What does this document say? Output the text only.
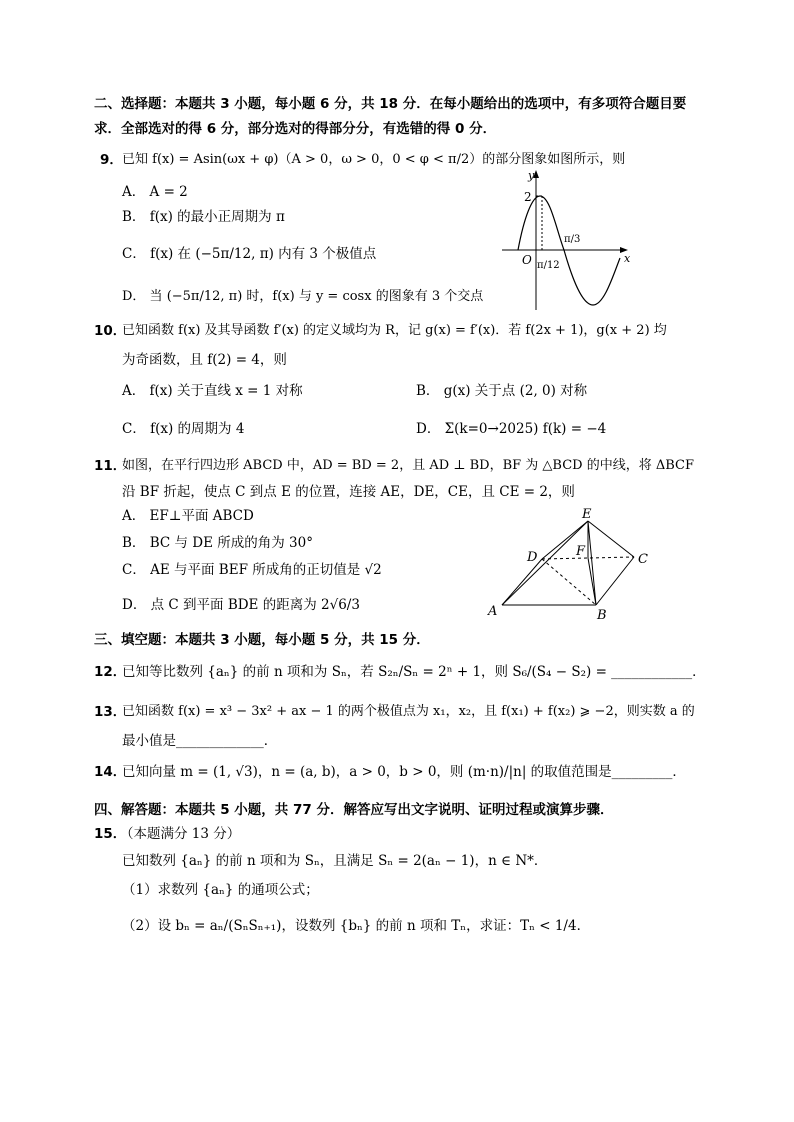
二、选择题：本题共 3 小题，每小题 6 分，共 18 分．在每小题给出的选项中，有多项符合题目要
求．全部选对的得 6 分，部分选对的得部分分，有选错的得 0 分．
9． 已知 f(x) = Asin(ωx + φ)（A > 0，ω > 0，0 < φ < π/2）的部分图象如图所示，则
A． A = 2
B． f(x) 的最小正周期为 π
C． f(x) 在 (−5π/12, π) 内有 3 个极值点
D． 当 (−5π/12, π) 时，f(x) 与 y = cosx 的图象有 3 个交点
y
x
O
2
π/12
π/3
10．
已知函数 f(x) 及其导函数 f′(x) 的定义域均为 R，记 g(x) = f′(x)．若 f(2x + 1)，g(x + 2) 均
为奇函数，且 f(2) = 4，则
A． f(x) 关于直线 x = 1 对称	B． g(x) 关于点 (2, 0) 对称
C． f(x) 的周期为 4	D． Σ(k=0→2025) f(k) = −4
11．
如图，在平行四边形 ABCD 中，AD = BD = 2，且 AD ⊥ BD，BF 为 △BCD 的中线，将 ΔBCF
沿 BF 折起，使点 C 到点 E 的位置，连接 AE，DE，CE，且 CE = 2，则
A． EF⊥平面 ABCD
B． BC 与 DE 所成的角为 30°
C． AE 与平面 BEF 所成角的正切值是 √2
D． 点 C 到平面 BDE 的距离为 2√6/3
E
D	F
C
A	B
三、填空题：本题共 3 小题，每小题 5 分，共 15 分．
12．
已知等比数列 {aₙ} 的前 n 项和为 Sₙ，若 S₂ₙ/Sₙ = 2ⁿ + 1，则 S₆/(S₄ − S₂) = ____________．
13．
已知函数 f(x) = x³ − 3x² + ax − 1 的两个极值点为 x₁，x₂，且 f(x₁) + f(x₂) ⩾ −2，则实数 a 的
最小值是_____________．
14．
已知向量 m = (1, √3)，n = (a, b)，a > 0，b > 0，则 (m·n)/|n| 的取值范围是_________．
四、解答题：本题共 5 小题，共 77 分．解答应写出文字说明、证明过程或演算步骤．
15．
（本题满分 13 分）
已知数列 {aₙ} 的前 n 项和为 Sₙ，且满足 Sₙ = 2(aₙ − 1)，n ∈ N*．
（1）求数列 {aₙ} 的通项公式；
（2）设 bₙ = aₙ/(SₙSₙ₊₁)，设数列 {bₙ} 的前 n 项和 Tₙ，求证：Tₙ < 1/4．
